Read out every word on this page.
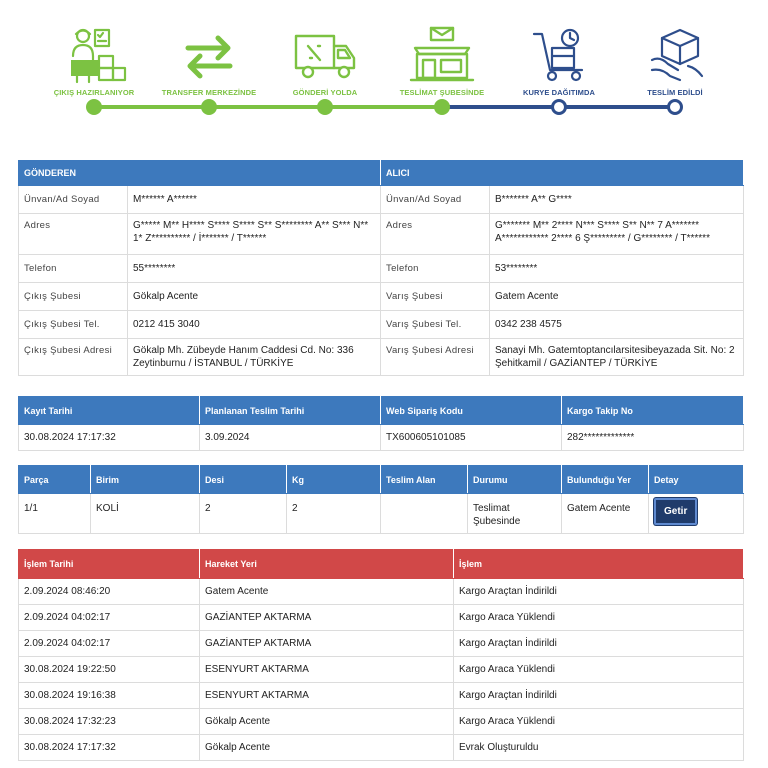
ÇIKIŞ HAZIRLANIYOR	TRANSFER MERKEZİNDE	GÖNDERİ YOLDA	TESLİMAT ŞUBESİNDE	KURYE DAĞITIMDA	TESLİM EDİLDİ
GÖNDEREN		ALICI	
Ünvan/Ad Soyad	M****** A******	Ünvan/Ad Soyad	B******* A** G****
Adres	G***** M** H**** S**** S**** S** S******** A** S*** N** 1* Z********** / İ******* / T******	Adres	G******* M** 2**** N*** S**** S** N** 7 A******* A************ 2**** 6 Ş********* / G******** / T******
Telefon	55********	Telefon	53********
Çıkış Şubesi	Gökalp Acente	Varış Şubesi	Gatem Acente
Çıkış Şubesi Tel.	0212 415 3040	Varış Şubesi Tel.	0342 238 4575
Çıkış Şubesi Adresi	Gökalp Mh. Zübeyde Hanım Caddesi Cd. No: 336 Zeytinburnu / İSTANBUL / TÜRKİYE	Varış Şubesi Adresi	Sanayi Mh. Gatemtoptancılarsitesibeyazada Sit. No: 2 Şehitkamil / GAZİANTEP / TÜRKİYE
Kayıt Tarihi	Planlanan Teslim Tarihi	Web Sipariş Kodu	Kargo Takip No
30.08.2024 17:17:32	3.09.2024	TX600605101085	282*************
Parça	Birim	Desi	Kg	Teslim Alan	Durumu	Bulunduğu Yer	Detay
1/1	KOLİ	2	2		Teslimat Şubesinde	Gatem Acente	Getir
İşlem Tarihi	Hareket Yeri	İşlem
2.09.2024 08:46:20	Gatem Acente	Kargo Araçtan İndirildi
2.09.2024 04:02:17	GAZİANTEP AKTARMA	Kargo Araca Yüklendi
2.09.2024 04:02:17	GAZİANTEP AKTARMA	Kargo Araçtan İndirildi
30.08.2024 19:22:50	ESENYURT AKTARMA	Kargo Araca Yüklendi
30.08.2024 19:16:38	ESENYURT AKTARMA	Kargo Araçtan İndirildi
30.08.2024 17:32:23	Gökalp Acente	Kargo Araca Yüklendi
30.08.2024 17:17:32	Gökalp Acente	Evrak Oluşturuldu
